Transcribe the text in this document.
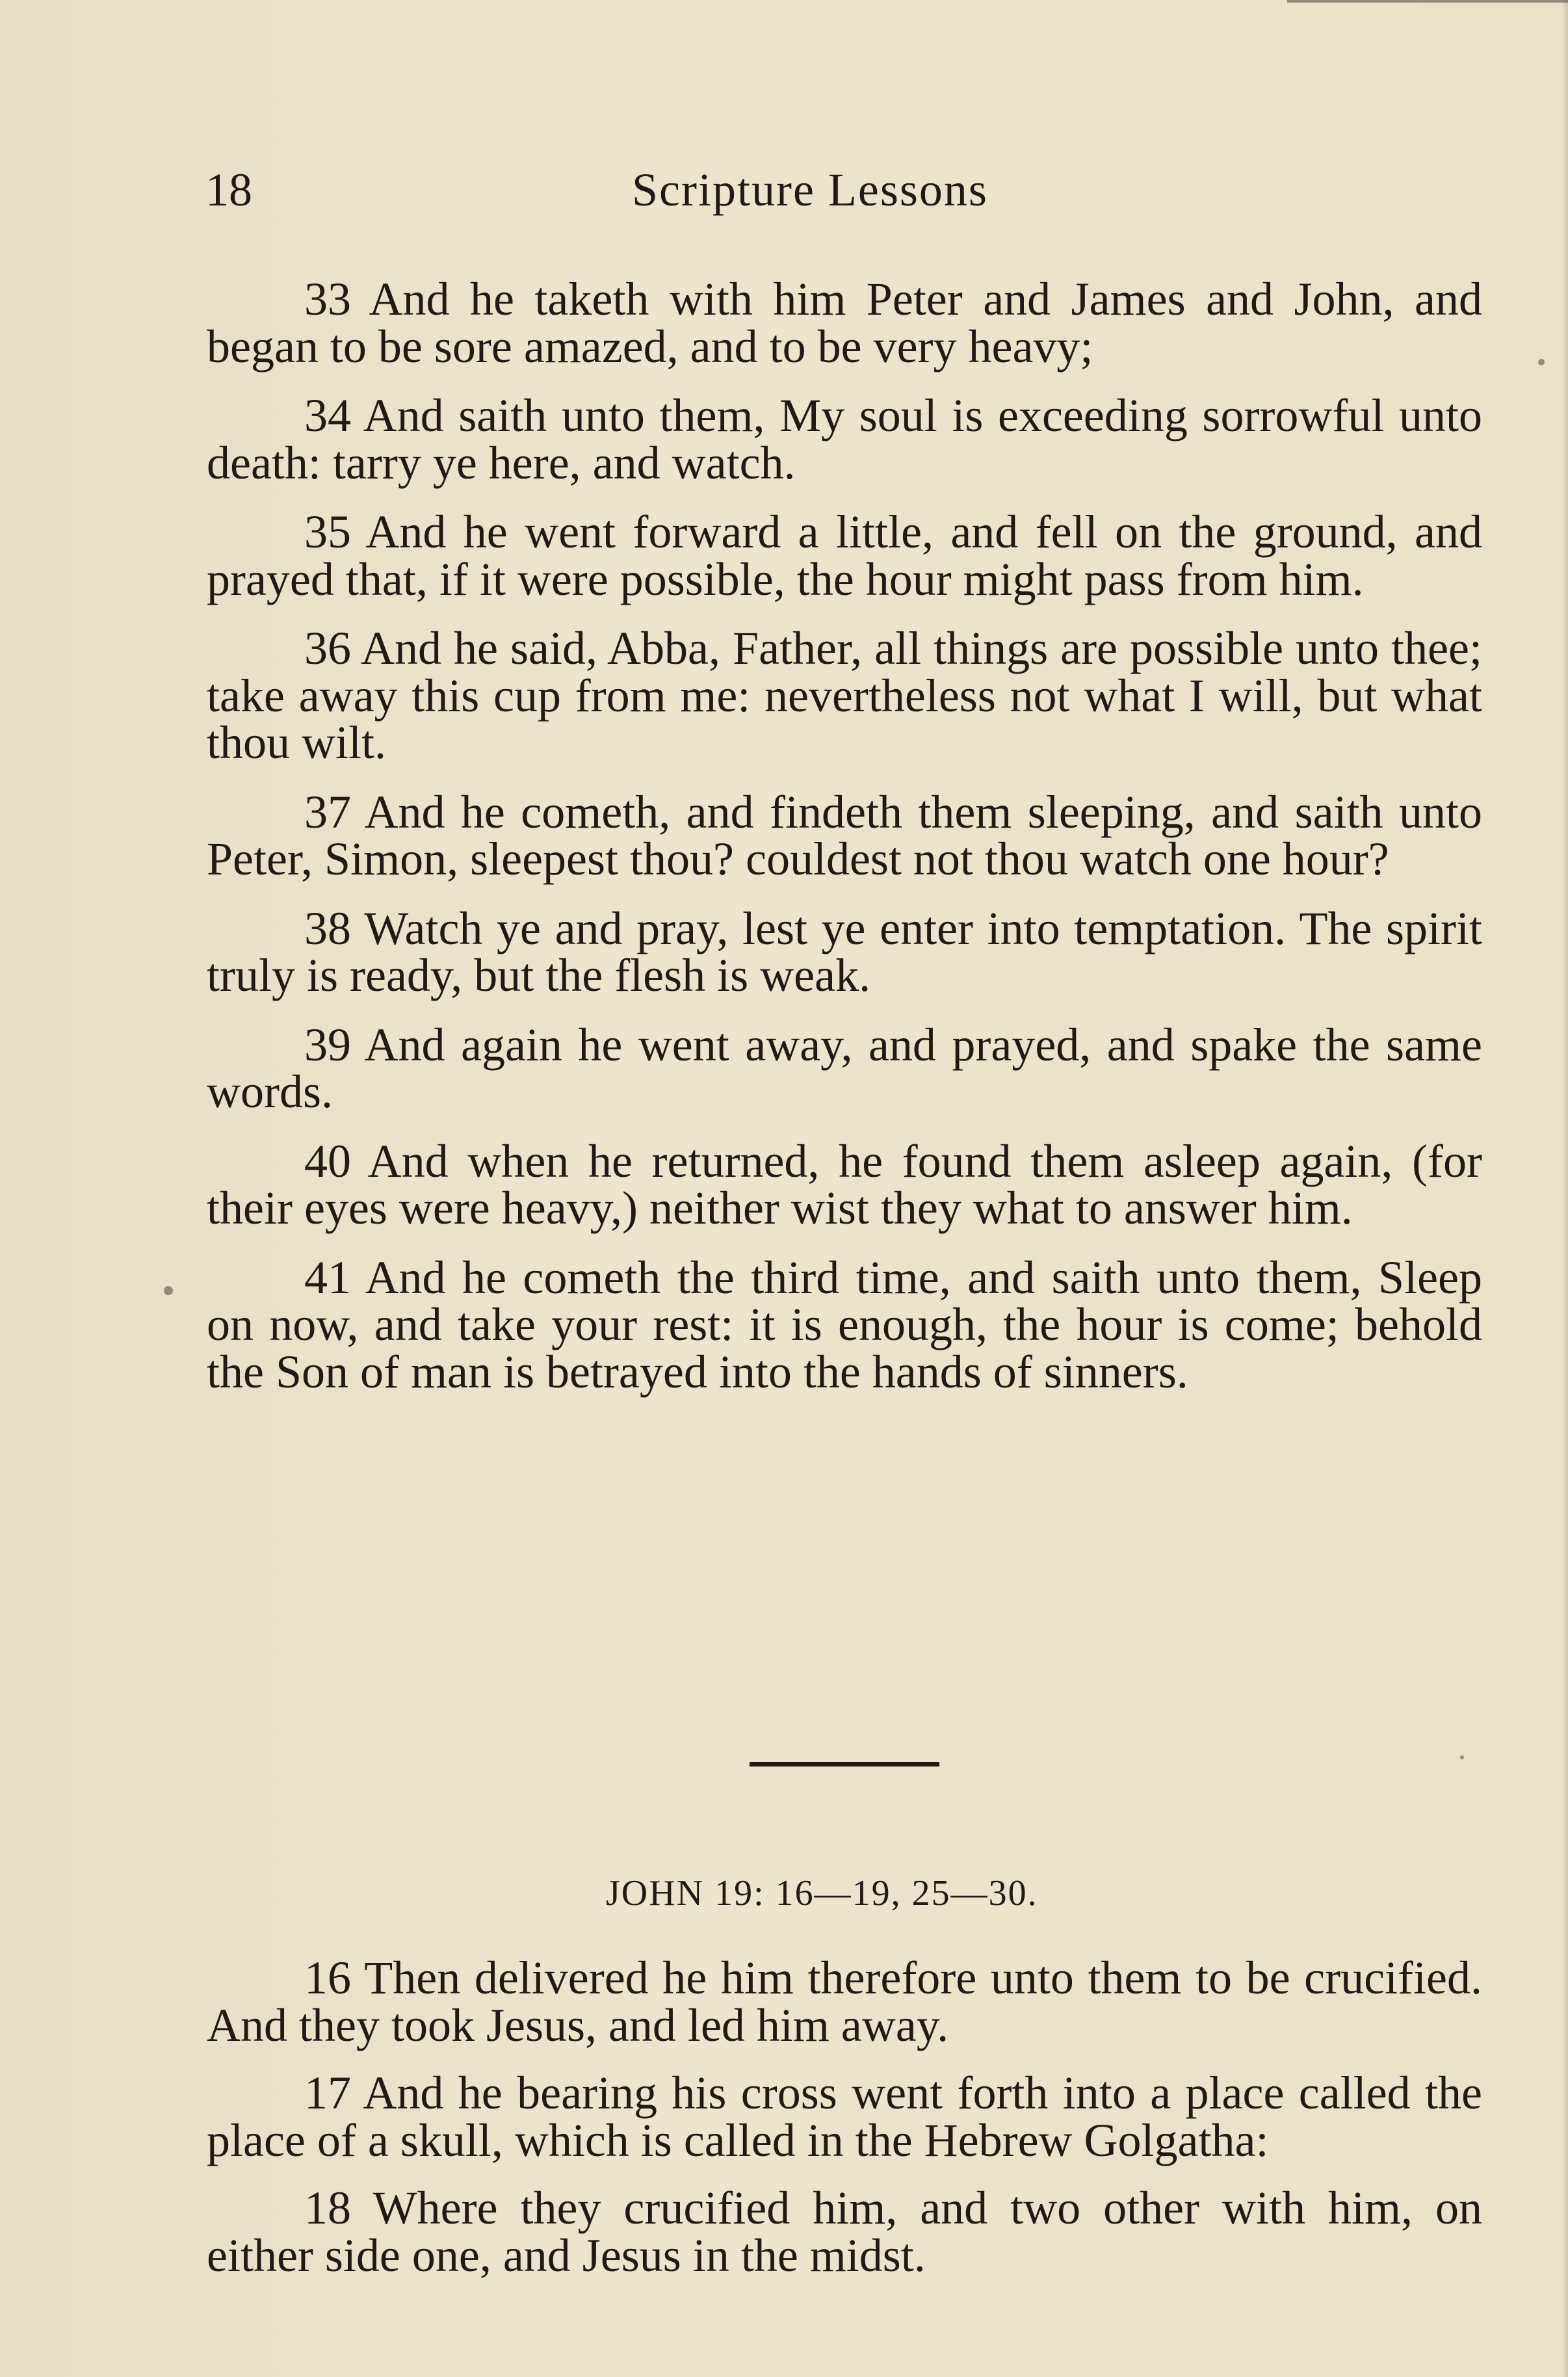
18	Scripture Lessons

33 And he taketh with him Peter and James and John, and began to be sore amazed, and to be very heavy;

34 And saith unto them, My soul is exceeding sorrowful unto death: tarry ye here, and watch.

35 And he went forward a little, and fell on the ground, and prayed that, if it were possible, the hour might pass from him.

36 And he said, Abba, Father, all things are possible unto thee; take away this cup from me: nevertheless not what I will, but what thou wilt.

37 And he cometh, and findeth them sleeping, and saith unto Peter, Simon, sleepest thou? couldest not thou watch one hour?

38 Watch ye and pray, lest ye enter into temptation. The spirit truly is ready, but the flesh is weak.

39 And again he went away, and prayed, and spake the same words.

40 And when he returned, he found them asleep again, (for their eyes were heavy,) neither wist they what to answer him.

41 And he cometh the third time, and saith unto them, Sleep on now, and take your rest: it is enough, the hour is come; behold the Son of man is betrayed into the hands of sinners.

JOHN 19: 16—19, 25—30.

16 Then delivered he him therefore unto them to be crucified. And they took Jesus, and led him away.

17 And he bearing his cross went forth into a place called the place of a skull, which is called in the Hebrew Golgatha:

18 Where they crucified him, and two other with him, on either side one, and Jesus in the midst.
